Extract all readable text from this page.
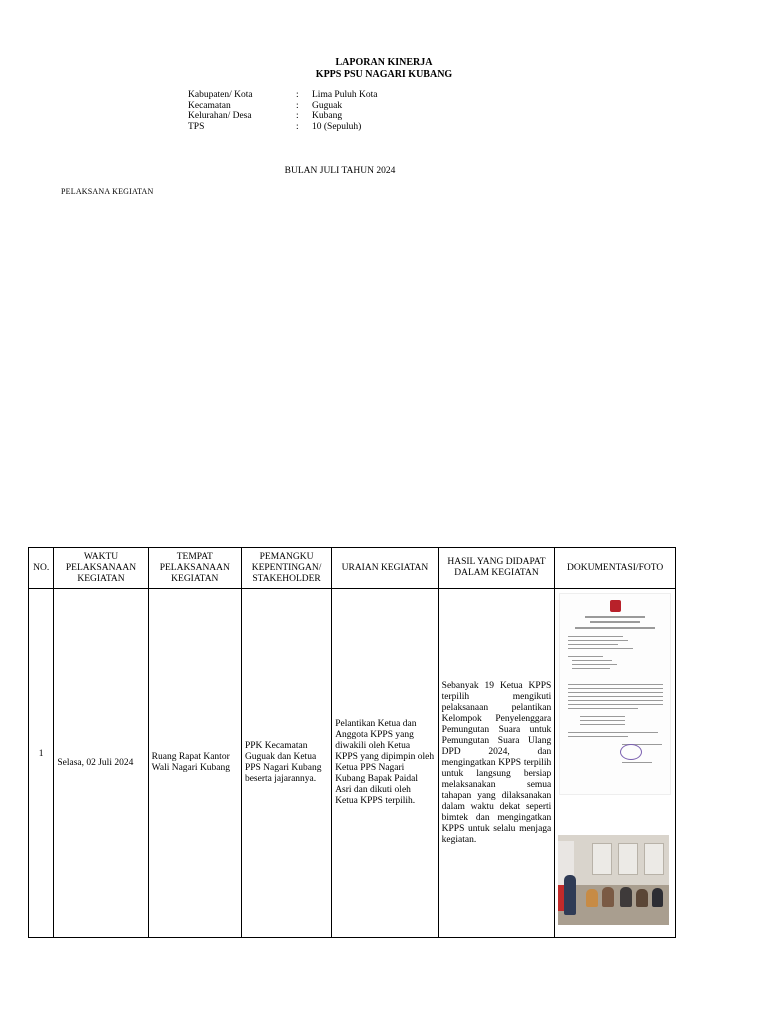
LAPORAN KINERJA
KPPS PSU NAGARI KUBANG
Kabupaten/ Kota	:	Lima Puluh Kota
Kecamatan	:	Guguak
Kelurahan/ Desa	:	Kubang
TPS	:	10 (Sepuluh)
BULAN JULI TAHUN 2024
PELAKSANA KEGIATAN
NO.	WAKTU PELAKSANAAN KEGIATAN	TEMPAT PELAKSANAAN KEGIATAN	PEMANGKU KEPENTINGAN/ STAKEHOLDER	URAIAN KEGIATAN	HASIL YANG DIDAPAT DALAM KEGIATAN	DOKUMENTASI/FOTO
1	Selasa, 02 Juli 2024	Ruang Rapat Kantor Wali Nagari Kubang	PPK Kecamatan Guguak dan Ketua PPS Nagari Kubang beserta jajarannya.	Pelantikan Ketua dan Anggota KPPS yang diwakili oleh Ketua KPPS yang dipimpin oleh Ketua PPS Nagari Kubang Bapak Paidal Asri dan dikuti oleh Ketua KPPS terpilih.	Sebanyak 19 Ketua KPPS terpilih mengikuti pelaksanaan pelantikan Kelompok Penyelenggara Pemungutan Suara untuk Pemungutan Suara Ulang DPD 2024, dan mengingatkan KPPS terpilih untuk langsung bersiap melaksanakan semua tahapan yang dilaksanakan dalam waktu dekat seperti bimtek dan mengingatkan KPPS untuk selalu menjaga kegiatan.	
